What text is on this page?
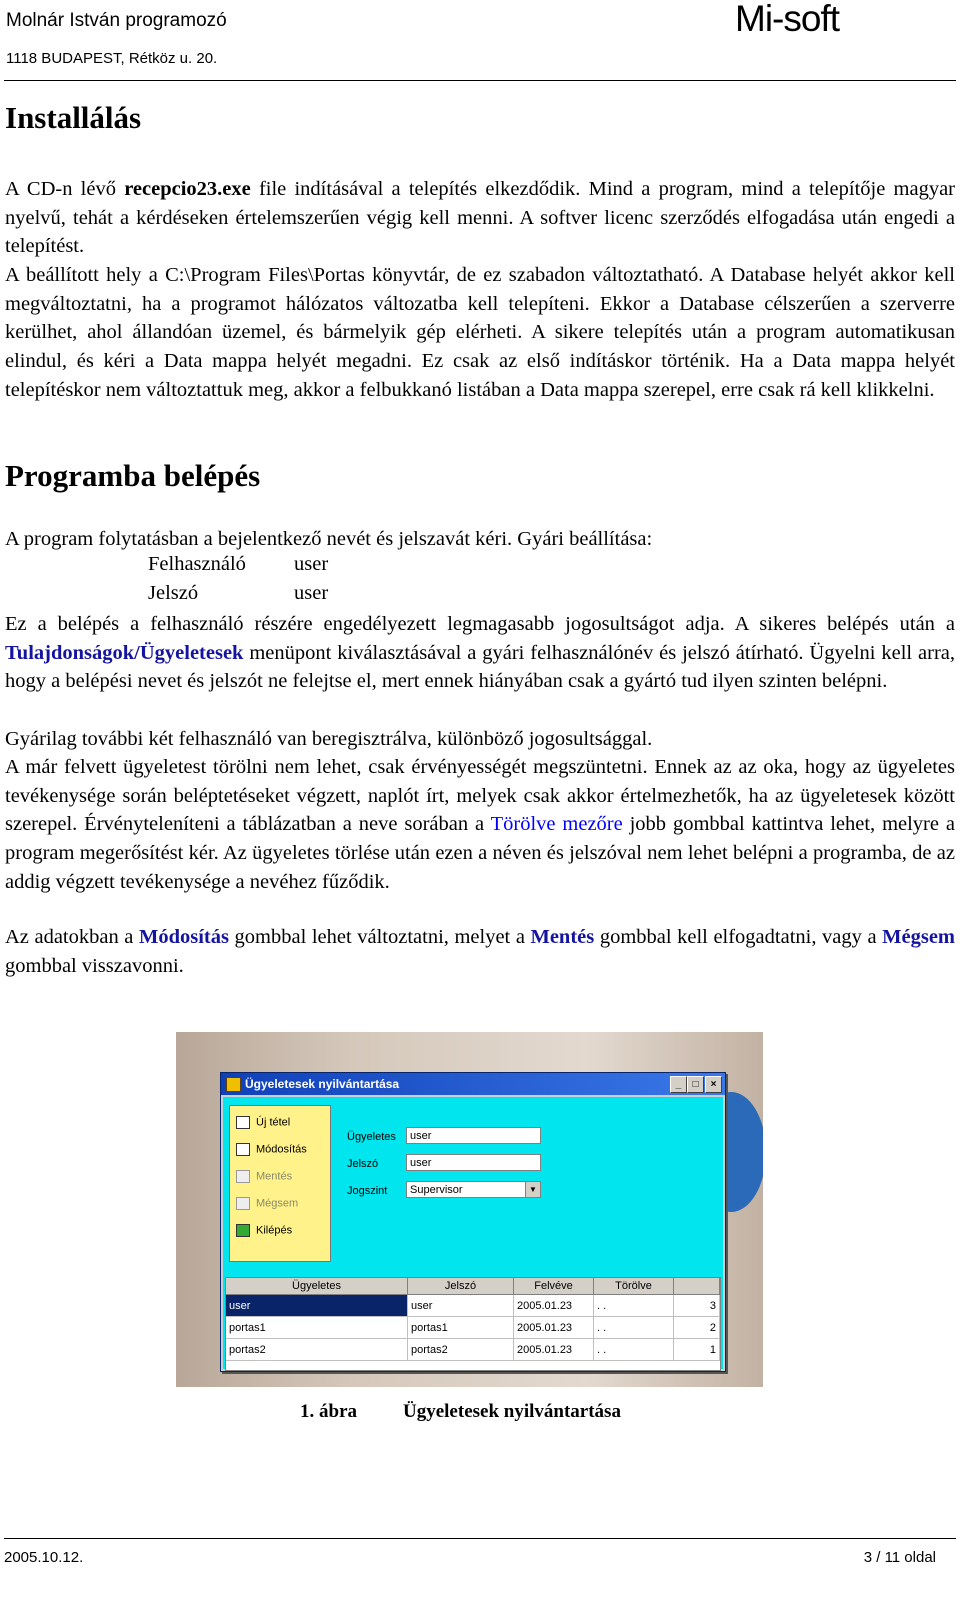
Molnár István programozó
1118 BUDAPEST, Rétköz u. 20.
Mi-soft
Installálás
A CD-n lévő recepcio23.exe file indításával a telepítés elkezdődik. Mind a program, mind a telepítője magyar nyelvű, tehát a kérdéseken értelemszerűen végig kell menni. A softver licenc szerződés elfogadása után engedi a telepítést.
A beállított hely a C:\Program Files\Portas könyvtár, de ez szabadon változtatható. A Database helyét akkor kell megváltoztatni, ha a programot hálózatos változatba kell telepíteni. Ekkor a Database célszerűen a szerverre kerülhet, ahol állandóan üzemel, és bármelyik gép elérheti. A sikere telepítés után a program automatikusan elindul, és kéri a Data mappa helyét megadni. Ez csak az első indításkor történik. Ha a Data mappa helyét telepítéskor nem változtattuk meg, akkor a felbukkanó listában a Data mappa szerepel, erre csak rá kell klikkelni.
Programba belépés
A program folytatásban a bejelentkező nevét és jelszavát kéri. Gyári beállítása:
Felhasználó user
Jelszó	user
Ez a belépés a felhasználó részére engedélyezett legmagasabb jogosultságot adja. A sikeres belépés után a Tulajdonságok/Ügyeletesek menüpont kiválasztásával a gyári felhasználónév és jelszó átírható. Ügyelni kell arra, hogy a belépési nevet és jelszót ne felejtse el, mert ennek hiányában csak a gyártó tud ilyen szinten belépni.
Gyárilag további két felhasználó van beregisztrálva, különböző jogosultsággal.
A már felvett ügyeletest törölni nem lehet, csak érvényességét megszüntetni. Ennek az az oka, hogy az ügyeletes tevékenysége során beléptetéseket végzett, naplót írt, melyek csak akkor értelmezhetők, ha az ügyeletesek között szerepel. Érvényteleníteni a táblázatban a neve sorában a Törölve mezőre jobb gombbal kattintva lehet, melyre a program megerősítést kér. Az ügyeletes törlése után ezen a néven és jelszóval nem lehet belépni a programba, de az addig végzett tevékenysége a nevéhez fűződik.
Az adatokban a Módosítás gombbal lehet változtatni, melyet a Mentés gombbal kell elfogadtatni, vagy a Mégsem gombbal visszavonni.
Ügyeletesek nyilvántartása	_	□	×
Új tétel
Módosítás
Mentés
Mégsem
Kilépés
Ügyeletes	user
Jelszó	user
Jogszint	Supervisor	▼
Ügyeletes	Jelszó	Felvéve	Törölve
user	user	2005.01.23	. .	3
portas1	portas1	2005.01.23	. .	2
portas2	portas2	2005.01.23	. .	1
1. ábra Ügyeletesek nyilvántartása
2005.10.12.	3 / 11 oldal
